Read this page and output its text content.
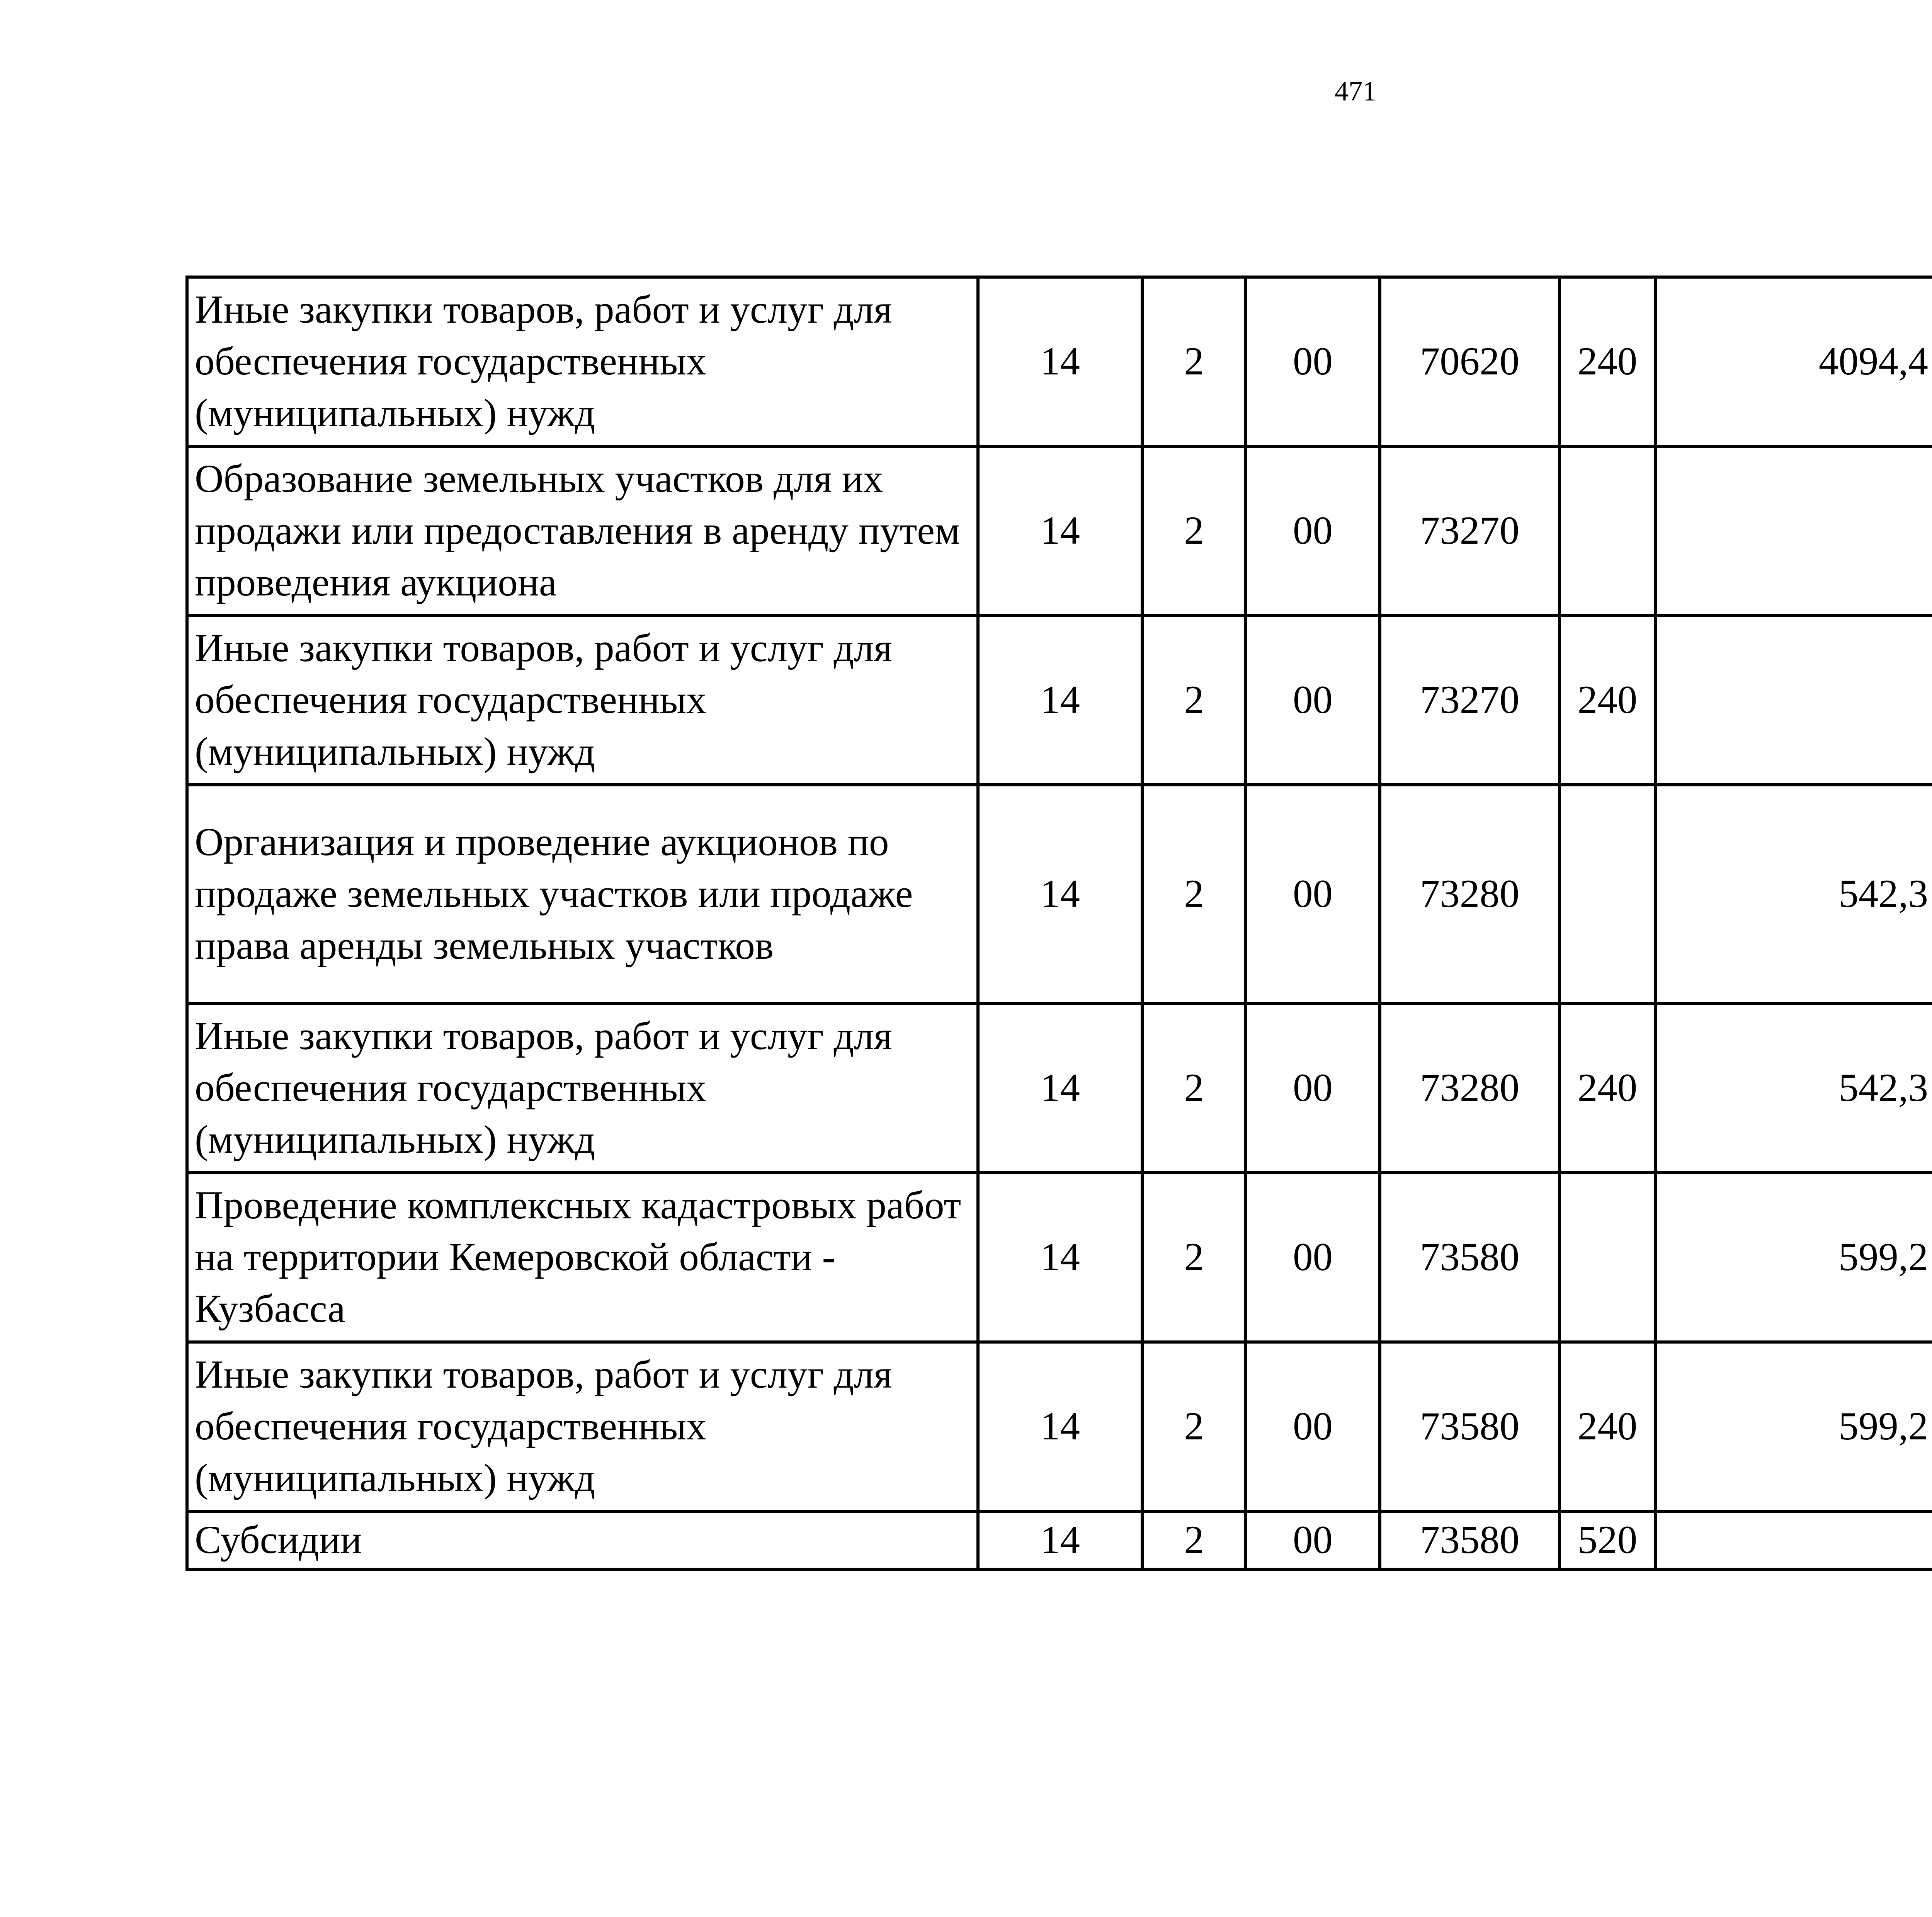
471
Иные закупки товаров, работ и услуг для обеспечения государственных (муниципальных) нужд	14	2	00	70620	240	4094,4		
Образование земельных участков для их продажи или предоставления в аренду путем проведения аукциона	14	2	00	73270				
Иные закупки товаров, работ и услуг для обеспечения государственных (муниципальных) нужд	14	2	00	73270	240			
Организация и проведение аукционов по продаже земельных участков или продаже права аренды земельных участков	14	2	00	73280		542,3		
Иные закупки товаров, работ и услуг для обеспечения государственных (муниципальных) нужд	14	2	00	73280	240	542,3		
Проведение комплексных кадастровых работ на территории Кемеровской области - Кузбасса	14	2	00	73580		599,2		
Иные закупки товаров, работ и услуг для обеспечения государственных (муниципальных) нужд	14	2	00	73580	240	599,2		
Субсидии	14	2	00	73580	520			
